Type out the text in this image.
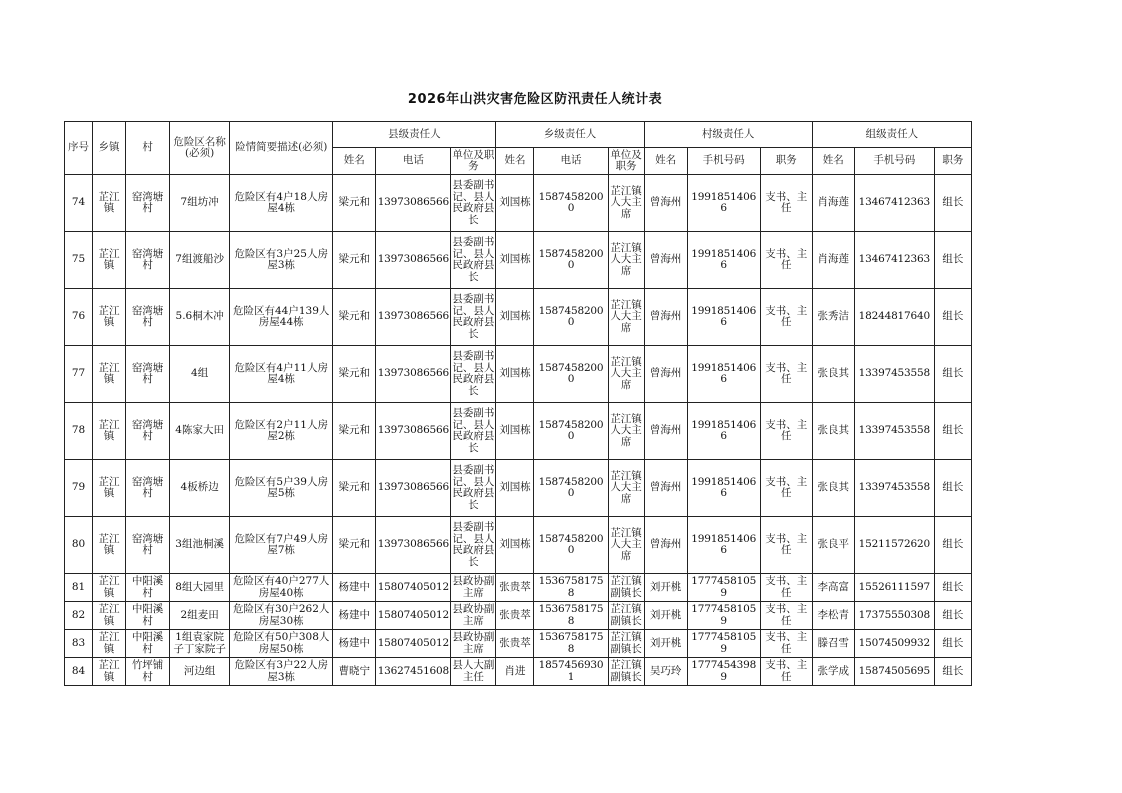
2026年山洪灾害危险区防汛责任人统计表
序号	乡镇	村	危险区名称(必须)	险情简要描述(必须)	县级责任人			乡级责任人			村级责任人			组级责任人		
					姓名	电话	单位及职务	姓名	电话	单位及职务	姓名	手机号码	职务	姓名	手机号码	职务
74	芷江镇	窑湾塘村	7组坊冲	危险区有4户18人房屋4栋	梁元和	13973086566	县委副书记、县人民政府县长	刘国栋	15874582000	芷江镇人大主席	曾海州	19918514066	支书、主任	肖海莲	13467412363	组长
75	芷江镇	窑湾塘村	7组渡船沙	危险区有3户25人房屋3栋	梁元和	13973086566	县委副书记、县人民政府县长	刘国栋	15874582000	芷江镇人大主席	曾海州	19918514066	支书、主任	肖海莲	13467412363	组长
76	芷江镇	窑湾塘村	5.6桐木冲	危险区有44户139人房屋44栋	梁元和	13973086566	县委副书记、县人民政府县长	刘国栋	15874582000	芷江镇人大主席	曾海州	19918514066	支书、主任	张秀洁	18244817640	组长
77	芷江镇	窑湾塘村	4组	危险区有4户11人房屋4栋	梁元和	13973086566	县委副书记、县人民政府县长	刘国栋	15874582000	芷江镇人大主席	曾海州	19918514066	支书、主任	张良其	13397453558	组长
78	芷江镇	窑湾塘村	4陈家大田	危险区有2户11人房屋2栋	梁元和	13973086566	县委副书记、县人民政府县长	刘国栋	15874582000	芷江镇人大主席	曾海州	19918514066	支书、主任	张良其	13397453558	组长
79	芷江镇	窑湾塘村	4板桥边	危险区有5户39人房屋5栋	梁元和	13973086566	县委副书记、县人民政府县长	刘国栋	15874582000	芷江镇人大主席	曾海州	19918514066	支书、主任	张良其	13397453558	组长
80	芷江镇	窑湾塘村	3组池桐溪	危险区有7户49人房屋7栋	梁元和	13973086566	县委副书记、县人民政府县长	刘国栋	15874582000	芷江镇人大主席	曾海州	19918514066	支书、主任	张良平	15211572620	组长
81	芷江镇	中阳溪村	8组大园里	危险区有40户277人房屋40栋	杨建中	15807405012	县政协副主席	张贵萃	15367581758	芷江镇副镇长	刘开桃	17774581059	支书、主任	李高富	15526111597	组长
82	芷江镇	中阳溪村	2组麦田	危险区有30户262人房屋30栋	杨建中	15807405012	县政协副主席	张贵萃	15367581758	芷江镇副镇长	刘开桃	17774581059	支书、主任	李松青	17375550308	组长
83	芷江镇	中阳溪村	1组袁家院子丁家院子	危险区有50户308人房屋50栋	杨建中	15807405012	县政协副主席	张贵萃	15367581758	芷江镇副镇长	刘开桃	17774581059	支书、主任	滕召雪	15074509932	组长
84	芷江镇	竹坪铺村	河边组	危险区有3户22人房屋3栋	曹晓宁	13627451608	县人大副主任	肖进	18574569301	芷江镇副镇长	吴巧玲	17774543989	支书、主任	张学成	15874505695	组长
